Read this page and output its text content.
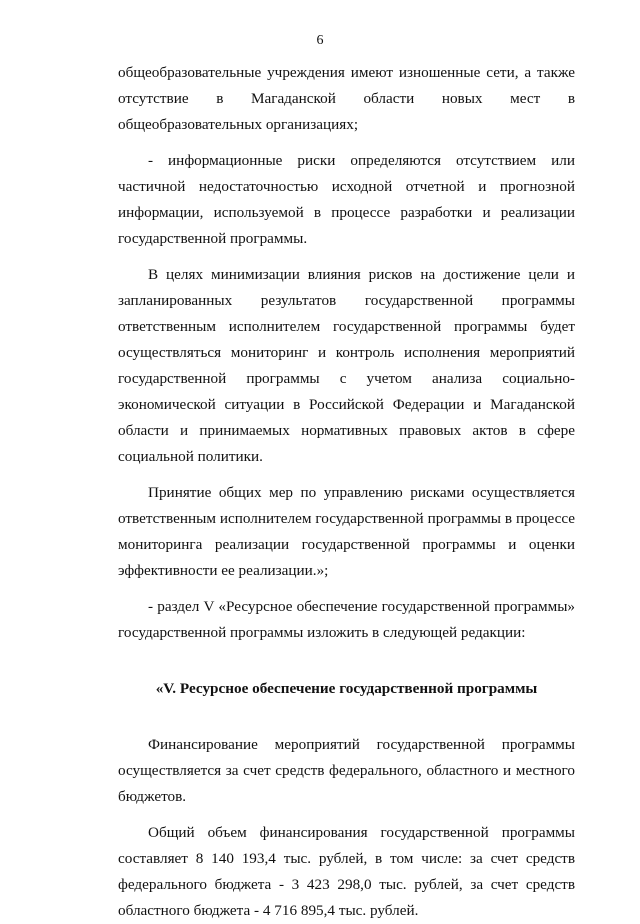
6

общеобразовательные учреждения имеют изношенные сети, а также отсутствие в Магаданской области новых мест в общеобразовательных организациях;

- информационные риски определяются отсутствием или частичной недостаточностью исходной отчетной и прогнозной информации, используемой в процессе разработки и реализации государственной программы.

В целях минимизации влияния рисков на достижение цели и запланированных результатов государственной программы ответственным исполнителем государственной программы будет осуществляться мониторинг и контроль исполнения мероприятий государственной программы с учетом анализа социально-экономической ситуации в Российской Федерации и Магаданской области и принимаемых нормативных правовых актов в сфере социальной политики.

Принятие общих мер по управлению рисками осуществляется ответственным исполнителем государственной программы в процессе мониторинга реализации государственной программы и оценки эффективности ее реализации.»;

- раздел V «Ресурсное обеспечение государственной программы» государственной программы изложить в следующей редакции:

«V. Ресурсное обеспечение государственной программы

Финансирование мероприятий государственной программы осуществляется за счет средств федерального, областного и местного бюджетов.

Общий объем финансирования государственной программы составляет 8 140 193,4 тыс. рублей, в том числе: за счет средств федерального бюджета - 3 423 298,0 тыс. рублей, за счет средств областного бюджета - 4 716 895,4 тыс. рублей.
